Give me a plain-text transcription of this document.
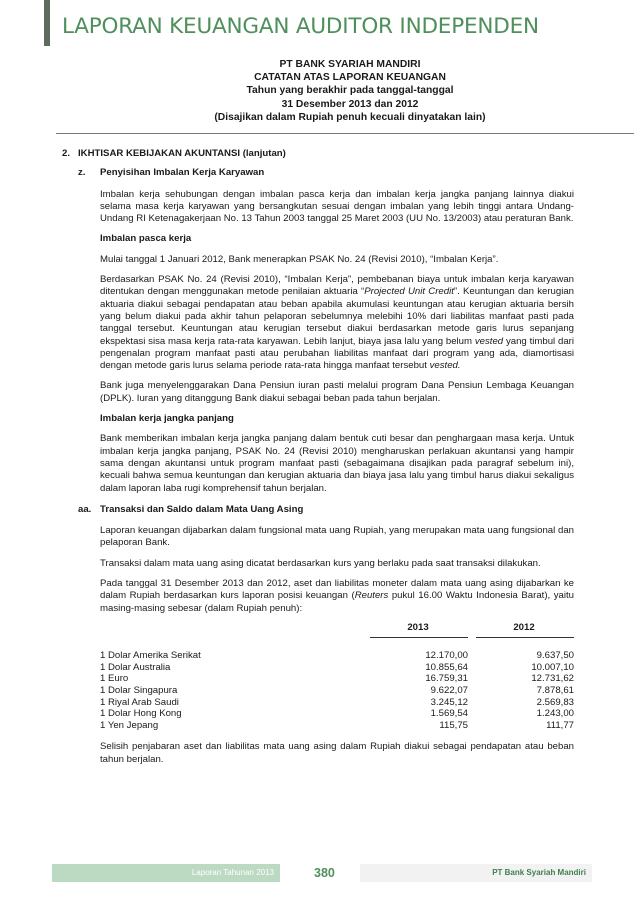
LAPORAN KEUANGAN AUDITOR INDEPENDEN
PT BANK SYARIAH MANDIRI
CATATAN ATAS LAPORAN KEUANGAN
Tahun yang berakhir pada tanggal-tanggal
31 Desember 2013 dan 2012
(Disajikan dalam Rupiah penuh kecuali dinyatakan lain)
2. IKHTISAR KEBIJAKAN AKUNTANSI (lanjutan)
z.	Penyisihan Imbalan Kerja Karyawan

Imbalan kerja sehubungan dengan imbalan pasca kerja dan imbalan kerja jangka panjang lainnya diakui selama masa kerja karyawan yang bersangkutan sesuai dengan imbalan yang lebih tinggi antara Undang-Undang RI Ketenagakerjaan No. 13 Tahun 2003 tanggal 25 Maret 2003 (UU No. 13/2003) atau peraturan Bank.

Imbalan pasca kerja

Mulai tanggal 1 Januari 2012, Bank menerapkan PSAK No. 24 (Revisi 2010), “Imbalan Kerja”.

Berdasarkan PSAK No. 24 (Revisi 2010), “Imbalan Kerja”, pembebanan biaya untuk imbalan kerja karyawan ditentukan dengan menggunakan metode penilaian aktuaria “Projected Unit Credit”. Keuntungan dan kerugian aktuaria diakui sebagai pendapatan atau beban apabila akumulasi keuntungan atau kerugian aktuaria bersih yang belum diakui pada akhir tahun pelaporan sebelumnya melebihi 10% dari liabilitas manfaat pasti pada tanggal tersebut. Keuntungan atau kerugian tersebut diakui berdasarkan metode garis lurus sepanjang ekspektasi sisa masa kerja rata-rata karyawan. Lebih lanjut, biaya jasa lalu yang belum vested yang timbul dari pengenalan program manfaat pasti atau perubahan liabilitas manfaat dari program yang ada, diamortisasi dengan metode garis lurus selama periode rata-rata hingga manfaat tersebut vested.

Bank juga menyelenggarakan Dana Pensiun iuran pasti melalui program Dana Pensiun Lembaga Keuangan (DPLK). Iuran yang ditanggung Bank diakui sebagai beban pada tahun berjalan.

Imbalan kerja jangka panjang

Bank memberikan imbalan kerja jangka panjang dalam bentuk cuti besar dan penghargaan masa kerja. Untuk imbalan kerja jangka panjang, PSAK No. 24 (Revisi 2010) mengharuskan perlakuan akuntansi yang hampir sama dengan akuntansi untuk program manfaat pasti (sebagaimana disajikan pada paragraf sebelum ini), kecuali bahwa semua keuntungan dan kerugian aktuaria dan biaya jasa lalu yang timbul harus diakui sekaligus dalam laporan laba rugi komprehensif tahun berjalan.

aa. Transaksi dan Saldo dalam Mata Uang Asing

Laporan keuangan dijabarkan dalam fungsional mata uang Rupiah, yang merupakan mata uang fungsional dan pelaporan Bank.

Transaksi dalam mata uang asing dicatat berdasarkan kurs yang berlaku pada saat transaksi dilakukan.

Pada tanggal 31 Desember 2013 dan 2012, aset dan liabilitas moneter dalam mata uang asing dijabarkan ke dalam Rupiah berdasarkan kurs laporan posisi keuangan (Reuters pukul 16.00 Waktu Indonesia Barat), yaitu masing-masing sebesar (dalam Rupiah penuh):

2013	2012
1 Dolar Amerika Serikat	12.170,00	9.637,50
1 Dolar Australia	10.855,64	10.007,10
1 Euro	16.759,31	12.731,62
1 Dolar Singapura	9.622,07	7.878,61
1 Riyal Arab Saudi	3.245,12	2.569,83
1 Dolar Hong Kong	1.569,54	1.243,00
1 Yen Jepang	115,75	111,77

Selisih penjabaran aset dan liabilitas mata uang asing dalam Rupiah diakui sebagai pendapatan atau beban tahun berjalan.

Laporan Tahunan 2013	380	PT Bank Syariah Mandiri
